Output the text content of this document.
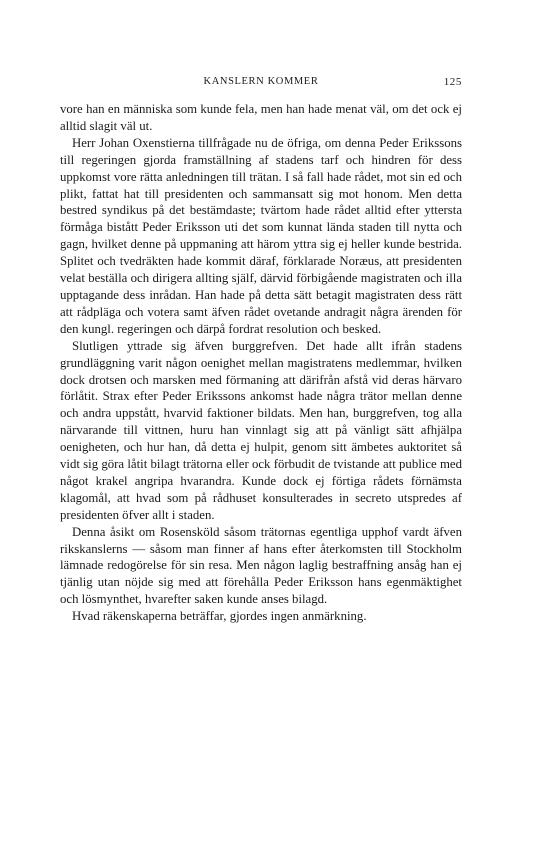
KANSLERN KOMMER	125

vore han en människa som kunde fela, men han hade menat väl, om det ock ej alltid slagit väl ut.

Herr Johan Oxenstierna tillfrågade nu de öfriga, om denna Peder Erikssons till regeringen gjorda framställning af stadens tarf och hindren för dess uppkomst vore rätta anledningen till trätan. I så fall hade rådet, mot sin ed och plikt, fattat hat till presidenten och sammansatt sig mot honom. Men detta bestred syndikus på det bestämdaste; tvärtom hade rådet alltid efter yttersta förmåga bistått Peder Eriksson uti det som kunnat lända staden till nytta och gagn, hvilket denne på uppmaning att härom yttra sig ej heller kunde bestrida. Splitet och tvedräkten hade kommit däraf, förklarade Noræus, att presidenten velat beställa och dirigera allting själf, därvid förbigående magistraten och illa upptagande dess inrådan. Han hade på detta sätt betagit magistraten dess rätt att rådpläga och votera samt äfven rådet ovetande andragit några ärenden för den kungl. regeringen och därpå fordrat resolution och besked.

Slutligen yttrade sig äfven burggrefven. Det hade allt ifrån stadens grundläggning varit någon oenighet mellan magistratens medlemmar, hvilken dock drotsen och marsken med förmaning att därifrån afstå vid deras härvaro förlåtit. Strax efter Peder Erikssons ankomst hade några trätor mellan denne och andra uppstått, hvarvid faktioner bildats. Men han, burggrefven, tog alla närvarande till vittnen, huru han vinnlagt sig att på vänligt sätt afhjälpa oenigheten, och hur han, då detta ej hulpit, genom sitt ämbetes auktoritet så vidt sig göra låtit bilagt trätorna eller ock förbudit de tvistande att publice med något krakel angripa hvarandra. Kunde dock ej förtiga rådets förnämsta klagomål, att hvad som på rådhuset konsulterades in secreto utspredes af presidenten öfver allt i staden.

Denna åsikt om Rosensköld såsom trätornas egentliga upphof vardt äfven rikskanslerns — såsom man finner af hans efter återkomsten till Stockholm lämnade redogörelse för sin resa. Men någon laglig bestraffning ansåg han ej tjänlig utan nöjde sig med att förehålla Peder Eriksson hans egenmäktighet och lösmynthet, hvarefter saken kunde anses bilagd.

Hvad räkenskaperna beträffar, gjordes ingen anmärkning.
